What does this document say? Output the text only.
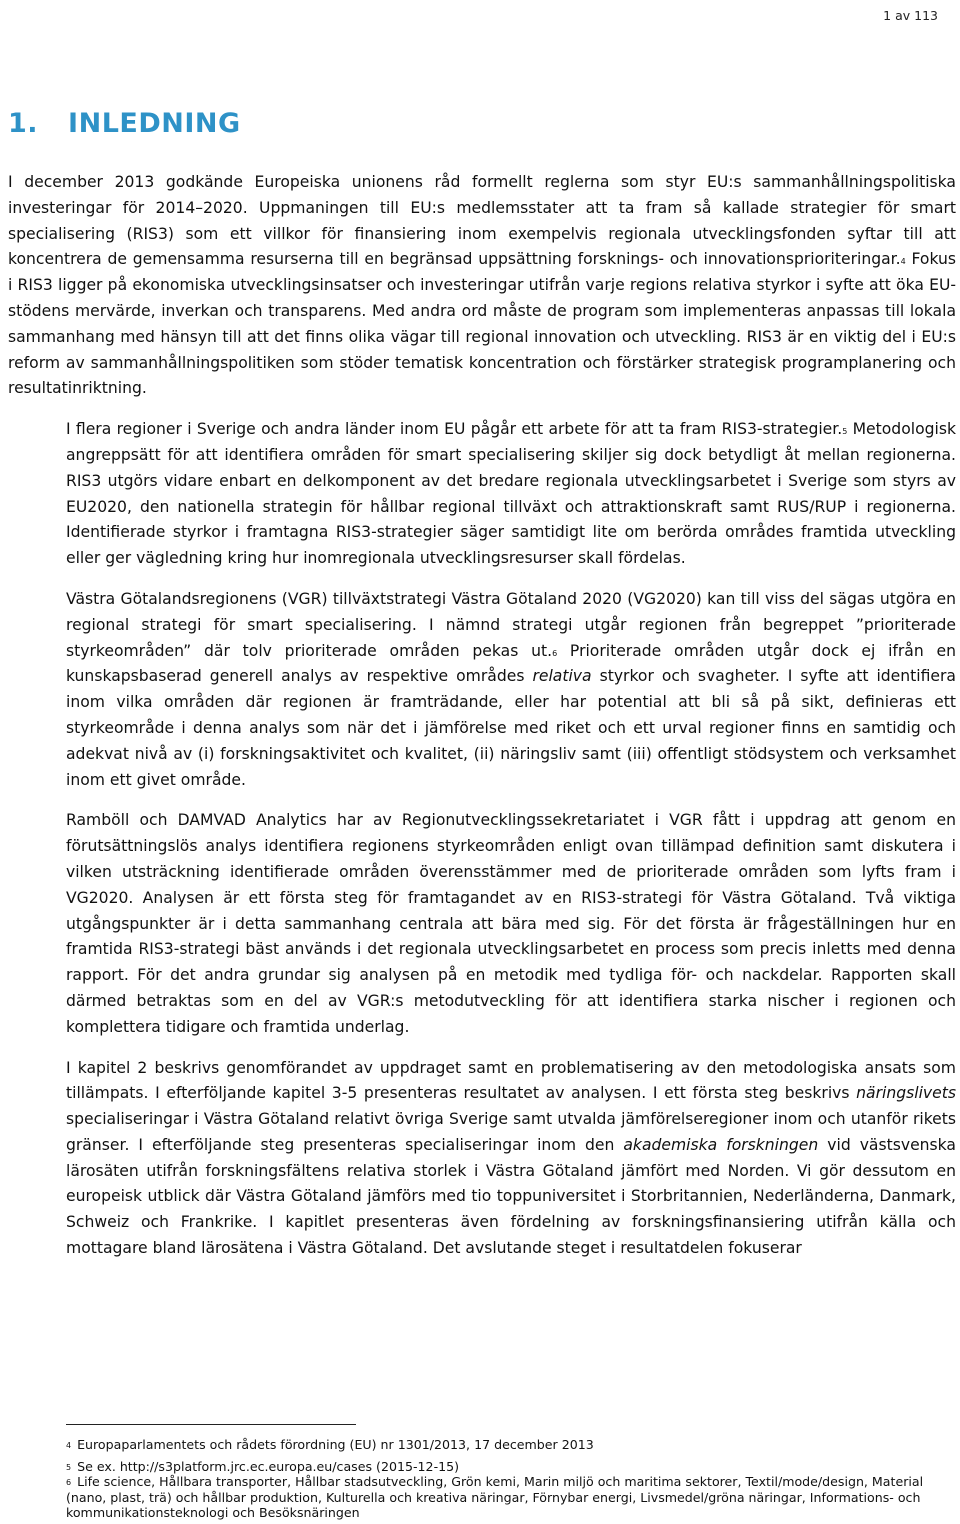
1 av 113
1. INLEDNING

I december 2013 godkände Europeiska unionens råd formellt reglerna som styr EU:s sammanhållningspolitiska investeringar för 2014–2020. Uppmaningen till EU:s medlemsstater att ta fram så kallade strategier för smart specialisering (RIS3) som ett villkor för finansiering inom exempelvis regionala utvecklingsfonden syftar till att koncentrera de gemensamma resurserna till en begränsad uppsättning forsknings- och innovationsprioriteringar.$^4$ Fokus i RIS3 ligger på ekonomiska utvecklingsinsatser och investeringar utifrån varje regions relativa styrkor i syfte att öka EU-stödens mervärde, inverkan och transparens. Med andra ord måste de program som implementeras anpassas till lokala sammanhang med hänsyn till att det finns olika vägar till regional innovation och utveckling. RIS3 är en viktig del i EU:s reform av sammanhållningspolitiken som stöder tematisk koncentration och förstärker strategisk programplanering och resultatinriktning.

I flera regioner i Sverige och andra länder inom EU pågår ett arbete för att ta fram RIS3-strategier.$^5$ Metodologisk angreppsätt för att identifiera områden för smart specialisering skiljer sig dock betydligt åt mellan regionerna. RIS3 utgörs vidare enbart en delkomponent av det bredare regionala utvecklingsarbetet i Sverige som styrs av EU2020, den nationella strategin för hållbar regional tillväxt och attraktionskraft samt RUS/RUP i regionerna. Identifierade styrkor i framtagna RIS3-strategier säger samtidigt lite om berörda områdes framtida utveckling eller ger vägledning kring hur inomregionala utvecklingsresurser skall fördelas.

Västra Götalandsregionens (VGR) tillväxtstrategi Västra Götaland 2020 (VG2020) kan till viss del sägas utgöra en regional strategi för smart specialisering. I nämnd strategi utgår regionen från begreppet ”prioriterade styrkeområden” där tolv prioriterade områden pekas ut.$^6$ Prioriterade områden utgår dock ej ifrån en kunskapsbaserad generell analys av respektive områdes relativa styrkor och svagheter. I syfte att identifiera inom vilka områden där regionen är framträdande, eller har potential att bli så på sikt, definieras ett styrkeområde i denna analys som när det i jämförelse med riket och ett urval regioner finns en samtidig och adekvat nivå av (i) forskningsaktivitet och kvalitet, (ii) näringsliv samt (iii) offentligt stödsystem och verksamhet inom ett givet område.

Ramböll och DAMVAD Analytics har av Regionutvecklingssekretariatet i VGR fått i uppdrag att genom en förutsättningslös analys identifiera regionens styrkeområden enligt ovan tillämpad definition samt diskutera i vilken utsträckning identifierade områden överensstämmer med de prioriterade områden som lyfts fram i VG2020. Analysen är ett första steg för framtagandet av en RIS3-strategi för Västra Götaland. Två viktiga utgångspunkter är i detta sammanhang centrala att bära med sig. För det första är frågeställningen hur en framtida RIS3-strategi bäst används i det regionala utvecklingsarbetet en process som precis inletts med denna rapport. För det andra grundar sig analysen på en metodik med tydliga för- och nackdelar. Rapporten skall därmed betraktas som en del av VGR:s metodutveckling för att identifiera starka nischer i regionen och komplettera tidigare och framtida underlag.

I kapitel 2 beskrivs genomförandet av uppdraget samt en problematisering av den metodologiska ansats som tillämpats. I efterföljande kapitel 3-5 presenteras resultatet av analysen. I ett första steg beskrivs näringslivets specialiseringar i Västra Götaland relativt övriga Sverige samt utvalda jämförelseregioner inom och utanför rikets gränser. I efterföljande steg presenteras specialiseringar inom den akademiska forskningen vid västsvenska lärosäten utifrån forskningsfältens relativa storlek i Västra Götaland jämfört med Norden. Vi gör dessutom en europeisk utblick där Västra Götaland jämförs med tio toppuniversitet i Storbritannien, Nederländerna, Danmark, Schweiz och Frankrike. I kapitlet presenteras även fördelning av forskningsfinansiering utifrån källa och mottagare bland lärosätena i Västra Götaland. Det avslutande steget i resultatdelen fokuserar

$^4$ Europaparlamentets och rådets förordning (EU) nr 1301/2013, 17 december 2013

$^5$ Se ex. http://s3platform.jrc.ec.europa.eu/cases (2015-12-15)

$^6$ Life science, Hållbara transporter, Hållbar stadsutveckling, Grön kemi, Marin miljö och maritima sektorer, Textil/mode/design, Material (nano, plast, trä) och hållbar produktion, Kulturella och kreativa näringar, Förnybar energi, Livsmedel/gröna näringar, Informations- och kommunikationsteknologi och Besöksnäringen
